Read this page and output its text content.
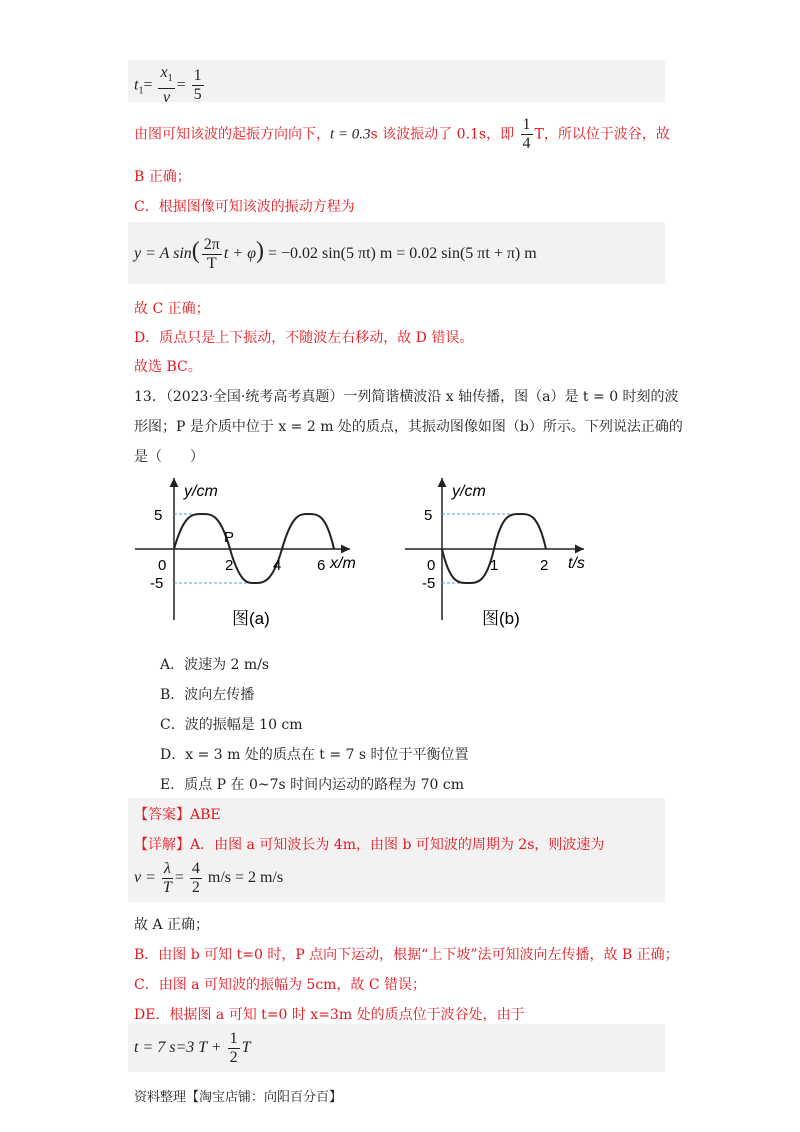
$t_1= \frac{x_1}{v} = \frac{1}{5}$
由图可知该波的起振方向向下，t = 0.3s 该波振动了 0.1s，即 $\frac{1}{4}$ T，所以位于波谷，故
B 正确；
C．根据图像可知该波的振动方程为
y = A $\sin( \frac{2\pi}{T}$ t + φ) = −0.02 sin(5 πt) m = 0.02 sin(5 πt + π) m
故 C 正确；
D．质点只是上下振动，不随波左右移动，故 D 错误。
故选 BC。
13．（2023·全国·统考高考真题）一列简谐横波沿 x 轴传播，图（a）是 t = 0 时刻的波
形图；P 是介质中位于 x = 2 m 处的质点，其振动图像如图（b）所示。下列说法正确的
是（　　）
y/cm
x/m
5
-5
0	2	4 6
P
图(a)
y/cm
t/s
5
-5
0	1	2
图(b)
A．波速为 2 m/s
B．波向左传播
C．波的振幅是 10 cm
D．x = 3 m 处的质点在 t = 7 s 时位于平衡位置
E．质点 P 在 0~7s 时间内运动的路程为 70 cm
【答案】ABE
【详解】A．由图 a 可知波长为 4m，由图 b 可知波的周期为 2s，则波速为
$v = \frac{\lambda}{T} = \frac{4}{2} m/s = 2$ m/s
故 A 正确；
B．由图 b 可知 t=0 时，P 点向下运动，根据“上下坡”法可知波向左传播，故 B 正确；
C．由图 a 可知波的振幅为 5cm，故 C 错误；
DE．根据图 a 可知 t=0 时 x=3m 处的质点位于波谷处，由于
t = 7 s=3 $T + \frac{1}{2}$ T
资料整理【淘宝店铺：向阳百分百】
